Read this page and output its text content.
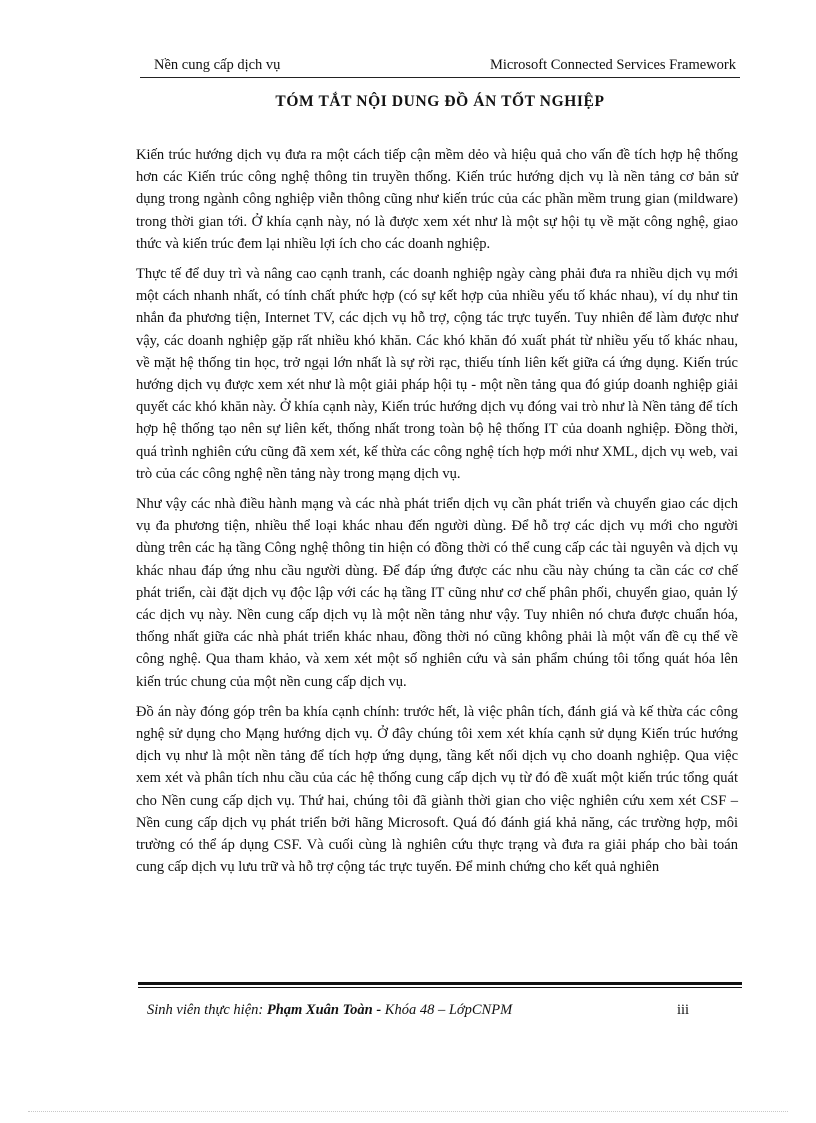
Nền cung cấp dịch vụ	Microsoft Connected Services Framework
TÓM TẮT NỘI DUNG ĐỒ ÁN TỐT NGHIỆP

Kiến trúc hướng dịch vụ đưa ra một cách tiếp cận mềm dẻo và hiệu quả cho vấn đề tích hợp hệ thống hơn các Kiến trúc công nghệ thông tin truyền thống. Kiến trúc hướng dịch vụ là nền tảng cơ bản sử dụng trong ngành công nghiệp viễn thông cũng như kiến trúc của các phần mềm trung gian (mildware) trong thời gian tới. Ở khía cạnh này, nó là được xem xét như là một sự hội tụ về mặt công nghệ, giao thức và kiến trúc đem lại nhiều lợi ích cho các doanh nghiệp.

Thực tế để duy trì và nâng cao cạnh tranh, các doanh nghiệp ngày càng phải đưa ra nhiều dịch vụ mới một cách nhanh nhất, có tính chất phức hợp (có sự kết hợp của nhiều yếu tố khác nhau), ví dụ như tin nhắn đa phương tiện, Internet TV, các dịch vụ hỗ trợ, cộng tác trực tuyến. Tuy nhiên để làm được như vậy, các doanh nghiệp gặp rất nhiều khó khăn. Các khó khăn đó xuất phát từ nhiều yếu tố khác nhau, về mặt hệ thống tin học, trở ngại lớn nhất là sự rời rạc, thiếu tính liên kết giữa cá ứng dụng. Kiến trúc hướng dịch vụ được xem xét như là một giải pháp hội tụ - một nền tảng qua đó giúp doanh nghiệp giải quyết các khó khăn này. Ở khía cạnh này, Kiến trúc hướng dịch vụ đóng vai trò như là Nền tảng để tích hợp hệ thống tạo nên sự liên kết, thống nhất trong toàn bộ hệ thống IT của doanh nghiệp. Đồng thời, quá trình nghiên cứu cũng đã xem xét, kế thừa các công nghệ tích hợp mới như XML, dịch vụ web, vai trò của các công nghệ nền tảng này trong mạng dịch vụ.

Như vậy các nhà điều hành mạng và các nhà phát triển dịch vụ cần phát triển và chuyển giao các dịch vụ đa phương tiện, nhiều thể loại khác nhau đến người dùng. Để hỗ trợ các dịch vụ mới cho người dùng trên các hạ tầng Công nghệ thông tin hiện có đồng thời có thể cung cấp các tài nguyên và dịch vụ khác nhau đáp ứng nhu cầu người dùng. Để đáp ứng được các nhu cầu này chúng ta cần các cơ chế phát triển, cài đặt dịch vụ độc lập với các hạ tầng IT cũng như cơ chế phân phối, chuyển giao, quản lý các dịch vụ này. Nền cung cấp dịch vụ là một nền tảng như vậy. Tuy nhiên nó chưa được chuẩn hóa, thống nhất giữa các nhà phát triển khác nhau, đồng thời nó cũng không phải là một vấn đề cụ thể về công nghệ. Qua tham khảo, và xem xét một số nghiên cứu và sản phẩm chúng tôi tổng quát hóa lên kiến trúc chung của một nền cung cấp dịch vụ.

Đồ án này đóng góp trên ba khía cạnh chính: trước hết, là việc phân tích, đánh giá và kế thừa các công nghệ sử dụng cho Mạng hướng dịch vụ. Ở đây chúng tôi xem xét khía cạnh sử dụng Kiến trúc hướng dịch vụ như là một nền tảng để tích hợp ứng dụng, tầng kết nối dịch vụ cho doanh nghiệp. Qua việc xem xét và phân tích nhu cầu của các hệ thống cung cấp dịch vụ từ đó đề xuất một kiến trúc tổng quát cho Nền cung cấp dịch vụ. Thứ hai, chúng tôi đã giành thời gian cho việc nghiên cứu xem xét CSF – Nền cung cấp dịch vụ phát triển bởi hãng Microsoft. Quá đó đánh giá khả năng, các trường hợp, môi trường có thể áp dụng CSF. Và cuối cùng là nghiên cứu thực trạng và đưa ra giải pháp cho bài toán cung cấp dịch vụ lưu trữ và hỗ trợ cộng tác trực tuyến. Để minh chứng cho kết quả nghiên

Sinh viên thực hiện: Phạm Xuân Toàn - Khóa 48 – LớpCNPM	iii
